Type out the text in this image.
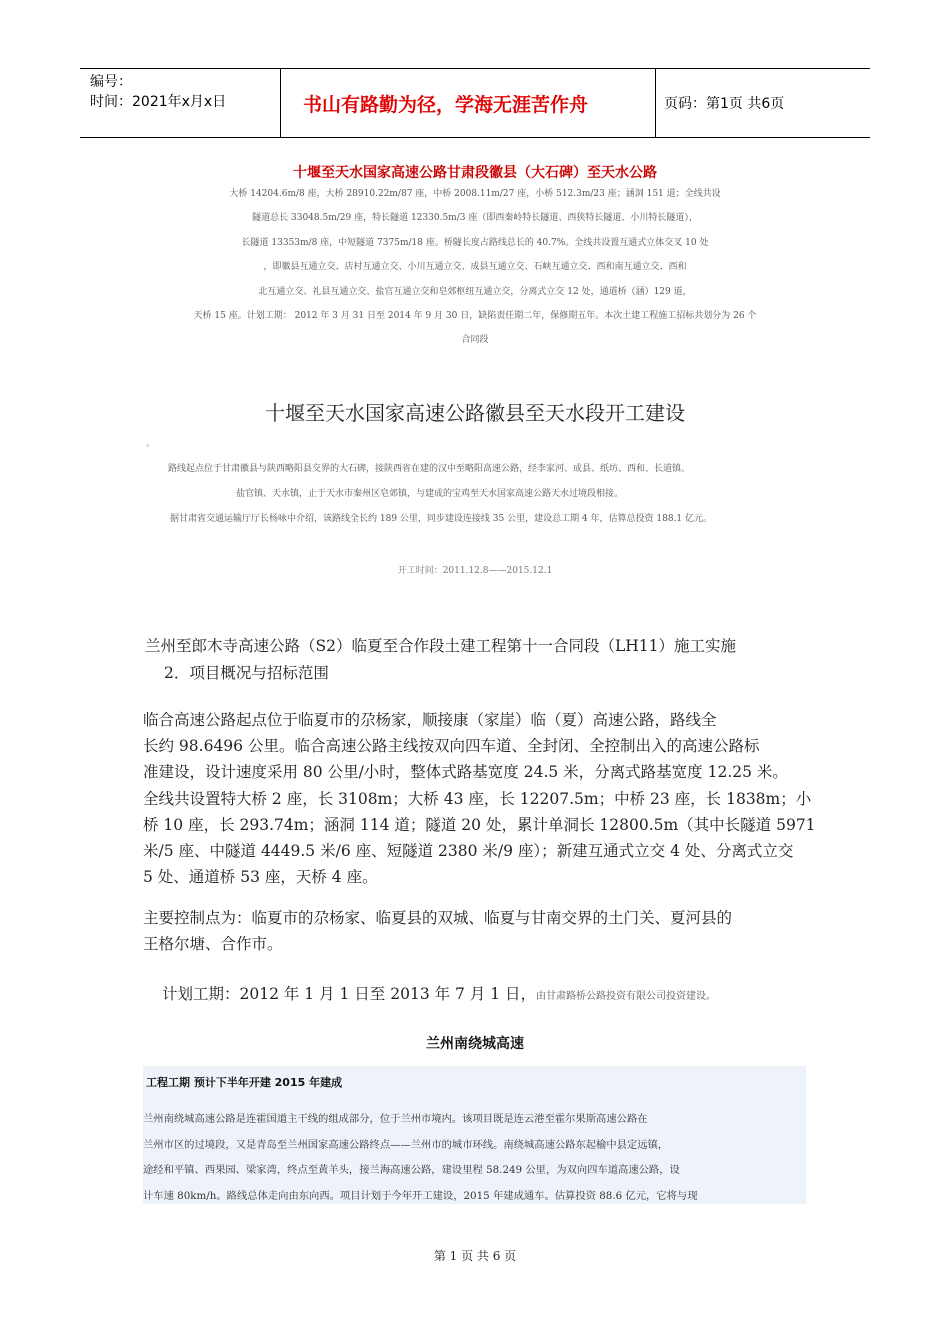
编号：
时间：2021年x月x日	书山有路勤为径，学海无涯苦作舟	页码：第1页 共6页
十堰至天水国家高速公路甘肃段徽县（大石碑）至天水公路
大桥 14204.6m/8 座，大桥 28910.22m/87 座，中桥 2008.11m/27 座，小桥 512.3m/23 座；涵洞 151 道；全线共设
隧道总长 33048.5m/29 座，特长隧道 12330.5m/3 座（即西秦岭特长隧道、西狭特长隧道、小川特长隧道），
长隧道 13353m/8 座，中短隧道 7375m/18 座。桥隧长度占路线总长的 40.7%。全线共设置互通式立体交叉 10 处
，即徽县互通立交、店村互通立交、小川互通立交、成县互通立交、石峡互通立交、西和南互通立交、西和
北互通立交、礼县互通立交、盐官互通立交和皂郊枢纽互通立交，分离式立交 12 处，通道桥（涵）129 道，
天桥 15 座。计划工期： 2012 年 3 月 31 日至 2014 年 9 月 30 日，缺陷责任期二年，保修期五年。本次土建工程施工招标共划分为 26 个
合同段
十堰至天水国家高速公路徽县至天水段开工建设
。
路线起点位于甘肃徽县与陕西略阳县交界的大石碑，接陕西省在建的汉中至略阳高速公路，经李家河、成县、纸坊、西和、长道镇、
盐官镇、天水镇，止于天水市秦州区皂郊镇，与建成的宝鸡至天水国家高速公路天水过境段相接。
据甘肃省交通运输厅厅长杨咏中介绍，该路线全长约 189 公里，同步建设连接线 35 公里，建设总工期 4 年，估算总投资 188.1 亿元。
开工时间：2011.12.8——2015.12.1
兰州至郎木寺高速公路（S2）临夏至合作段土建工程第十一合同段（LH11）施工实施
2．项目概况与招标范围
临合高速公路起点位于临夏市的尕杨家，顺接康（家崖）临（夏）高速公路，路线全
长约 98.6496 公里。临合高速公路主线按双向四车道、全封闭、全控制出入的高速公路标
准建设，设计速度采用 80 公里/小时，整体式路基宽度 24.5 米，分离式路基宽度 12.25 米。
全线共设置特大桥 2 座，长 3108m；大桥 43 座，长 12207.5m；中桥 23 座，长 1838m；小
桥 10 座，长 293.74m；涵洞 114 道；隧道 20 处，累计单洞长 12800.5m（其中长隧道 5971
米/5 座、中隧道 4449.5 米/6 座、短隧道 2380 米/9 座）；新建互通式立交 4 处、分离式立交
5 处、通道桥 53 座，天桥 4 座。
主要控制点为：临夏市的尕杨家、临夏县的双城、临夏与甘南交界的土门关、夏河县的
王格尔塘、合作市。
计划工期：2012 年 1 月 1 日至 2013 年 7 月 1 日，由甘肃路桥公路投资有限公司投资建设。
兰州南绕城高速
工程工期 预计下半年开建 2015 年建成
兰州南绕城高速公路是连霍国道主干线的组成部分，位于兰州市境内。该项目既是连云港至霍尔果斯高速公路在
兰州市区的过境段，又是青岛至兰州国家高速公路终点——兰州市的城市环线。南绕城高速公路东起榆中县定远镇，
途经和平镇、西果园、梁家湾，终点至黄羊头，接兰海高速公路，建设里程 58.249 公里，为双向四车道高速公路，设
计车速 80km/h。路线总体走向由东向西。项目计划于今年开工建设，2015 年建成通车。估算投资 88.6 亿元，它将与现
第 1 页 共 6 页
